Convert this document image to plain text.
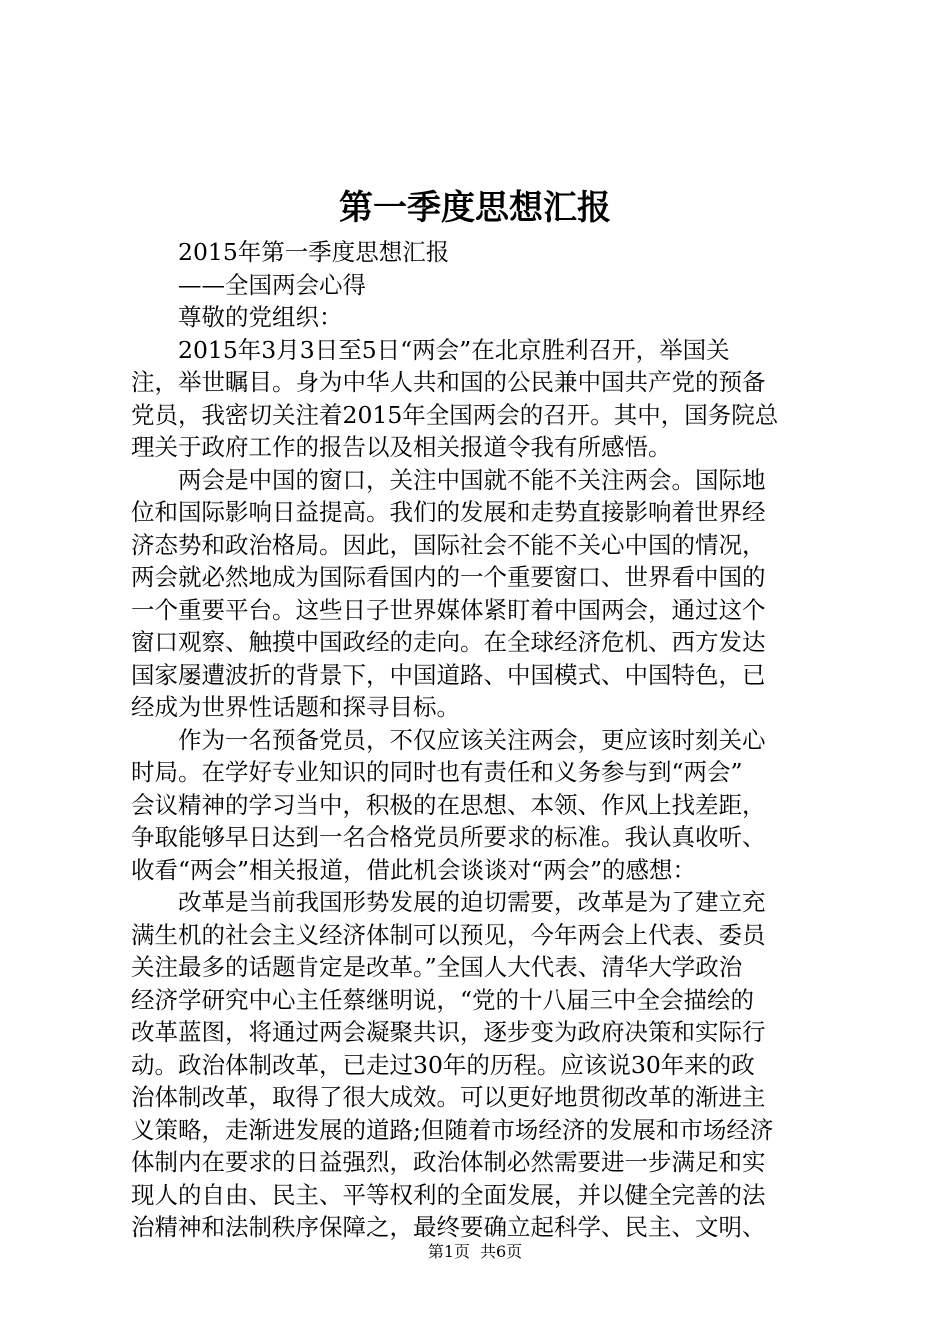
第一季度思想汇报
2015年第一季度思想汇报
——全国两会心得
尊敬的党组织：
2015年3月3日至5日“两会”在北京胜利召开，举国关
注，举世瞩目。身为中华人共和国的公民兼中国共产党的预备
党员，我密切关注着2015年全国两会的召开。其中，国务院总
理关于政府工作的报告以及相关报道令我有所感悟。
两会是中国的窗口，关注中国就不能不关注两会。国际地
位和国际影响日益提高。我们的发展和走势直接影响着世界经
济态势和政治格局。因此，国际社会不能不关心中国的情况，
两会就必然地成为国际看国内的一个重要窗口、世界看中国的
一个重要平台。这些日子世界媒体紧盯着中国两会，通过这个
窗口观察、触摸中国政经的走向。在全球经济危机、西方发达
国家屡遭波折的背景下，中国道路、中国模式、中国特色，已
经成为世界性话题和探寻目标。
作为一名预备党员，不仅应该关注两会，更应该时刻关心
时局。在学好专业知识的同时也有责任和义务参与到“两会”
会议精神的学习当中，积极的在思想、本领、作风上找差距，
争取能够早日达到一名合格党员所要求的标准。我认真收听、
收看“两会”相关报道，借此机会谈谈对“两会”的感想：
改革是当前我国形势发展的迫切需要，改革是为了建立充
满生机的社会主义经济体制可以预见，今年两会上代表、委员
关注最多的话题肯定是改革。”全国人大代表、清华大学政治
经济学研究中心主任蔡继明说，“党的十八届三中全会描绘的
改革蓝图，将通过两会凝聚共识，逐步变为政府决策和实际行
动。政治体制改革，已走过30年的历程。应该说30年来的政
治体制改革，取得了很大成效。可以更好地贯彻改革的渐进主
义策略，走渐进发展的道路;但随着市场经济的发展和市场经济
体制内在要求的日益强烈，政治体制必然需要进一步满足和实
现人的自由、民主、平等权利的全面发展，并以健全完善的法
治精神和法制秩序保障之，最终要确立起科学、民主、文明、
第1页 共6页
